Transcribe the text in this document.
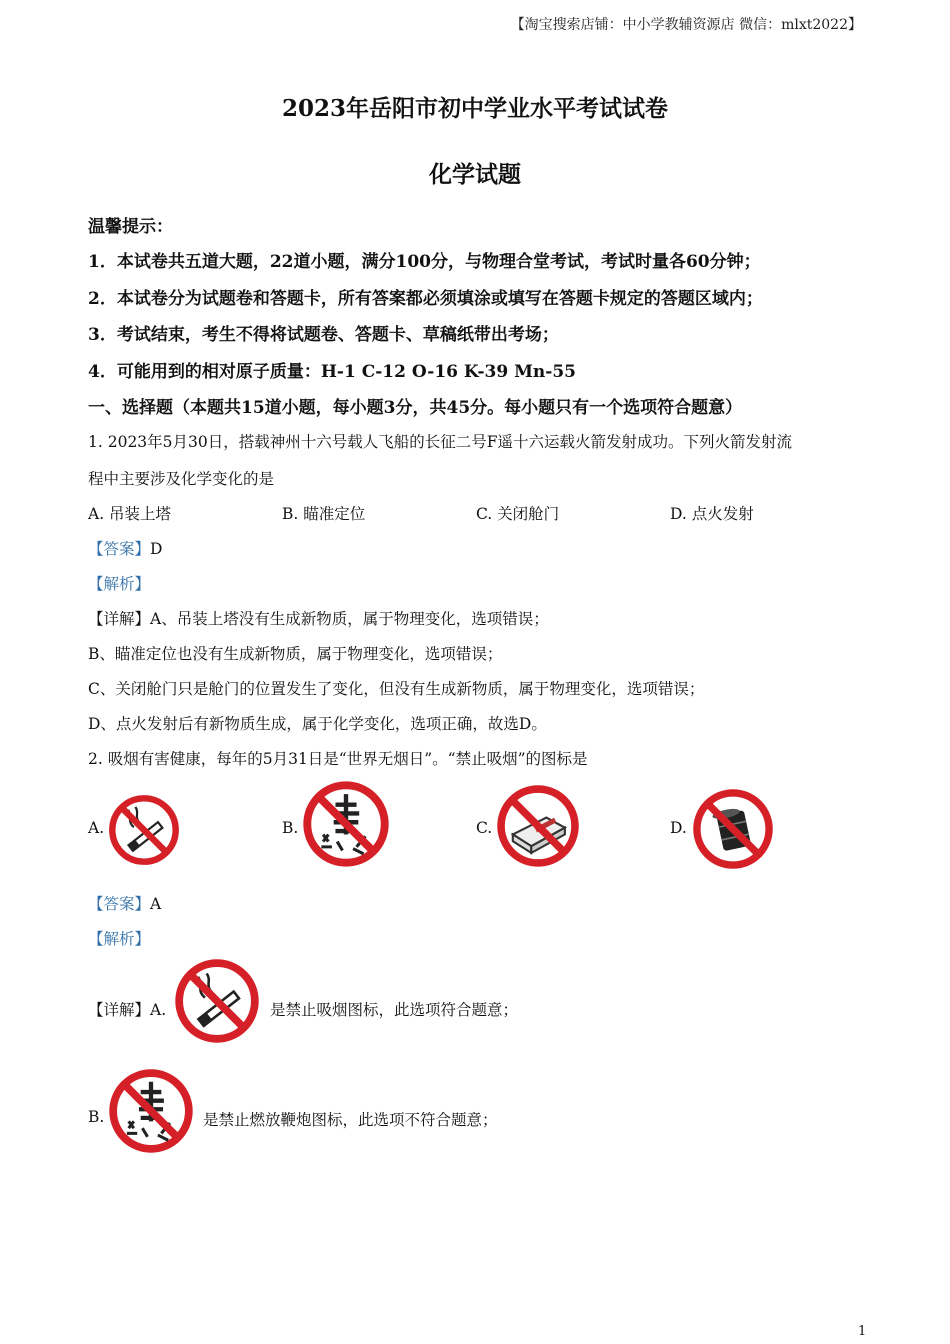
【淘宝搜索店铺：中小学教辅资源店 微信：mlxt2022】
2023年岳阳市初中学业水平考试试卷
化学试题
温馨提示：
1．本试卷共五道大题，22道小题，满分100分，与物理合堂考试，考试时量各60分钟；
2．本试卷分为试题卷和答题卡，所有答案都必须填涂或填写在答题卡规定的答题区域内；
3．考试结束，考生不得将试题卷、答题卡、草稿纸带出考场；
4．可能用到的相对原子质量：H-1 C-12 O-16 K-39 Mn-55
一、选择题（本题共15道小题，每小题3分，共45分。每小题只有一个选项符合题意）
1. 2023年5月30日，搭载神州十六号载人飞船的长征二号F遥十六运载火箭发射成功。下列火箭发射流
程中主要涉及化学变化的是
A. 吊装上塔	B. 瞄准定位	C. 关闭舱门	D. 点火发射
【答案】D
【解析】
【详解】A、吊装上塔没有生成新物质，属于物理变化，选项错误；
B、瞄准定位也没有生成新物质，属于物理变化，选项错误；
C、关闭舱门只是舱门的位置发生了变化，但没有生成新物质，属于物理变化，选项错误；
D、点火发射后有新物质生成，属于化学变化，选项正确，故选D。
2. 吸烟有害健康，每年的5月31日是“世界无烟日”。“禁止吸烟”的图标是
A.	B.	C.	D.
【答案】A
【解析】
【详解】A.	是禁止吸烟图标，此选项符合题意；
B.	是禁止燃放鞭炮图标，此选项不符合题意；
1
